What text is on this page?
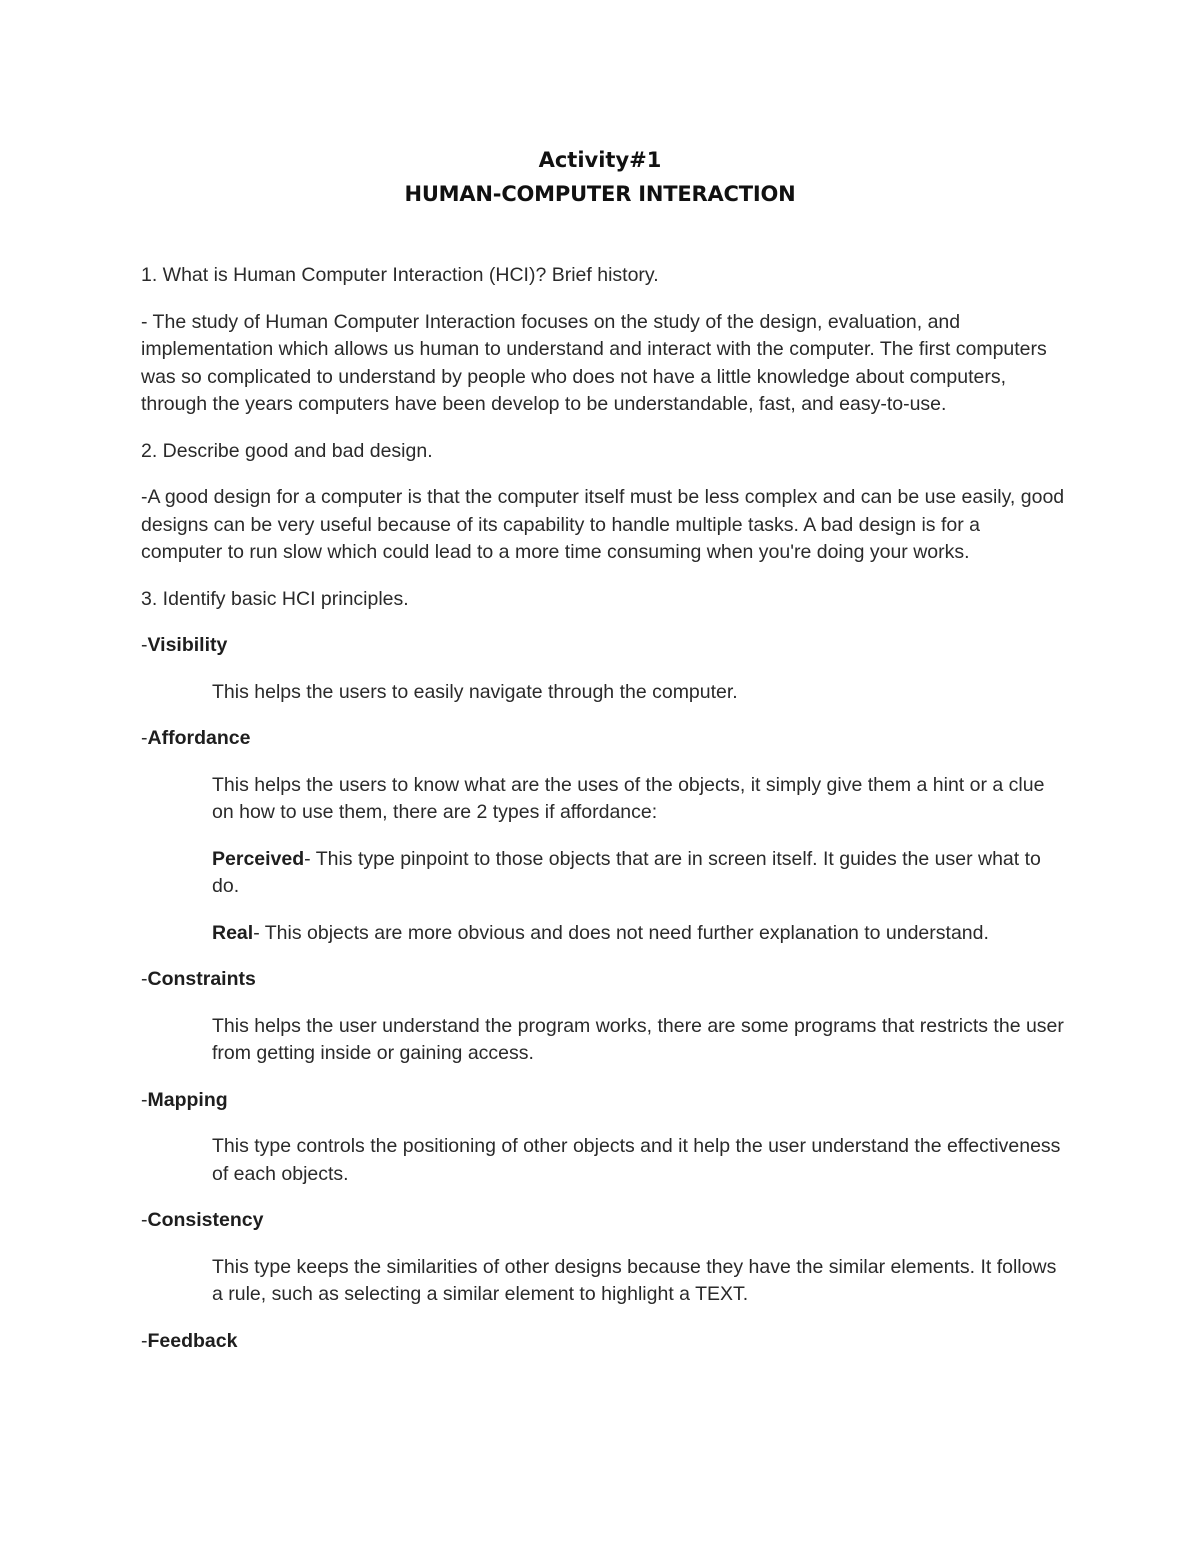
Activity#1

HUMAN-COMPUTER INTERACTION

1. What is Human Computer Interaction (HCI)? Brief history.

- The study of Human Computer Interaction focuses on the study of the design, evaluation, and implementation which allows us human to understand and interact with the computer. The first computers was so complicated to understand by people who does not have a little knowledge about computers, through the years computers have been develop to be understandable, fast, and easy-to-use.

2. Describe good and bad design.

-A good design for a computer is that the computer itself must be less complex and can be use easily, good designs can be very useful because of its capability to handle multiple tasks. A bad design is for a computer to run slow which could lead to a more time consuming when you're doing your works.

3. Identify basic HCI principles.

-Visibility

This helps the users to easily navigate through the computer.

-Affordance

This helps the users to know what are the uses of the objects, it simply give them a hint or a clue on how to use them, there are 2 types if affordance:

Perceived- This type pinpoint to those objects that are in screen itself. It guides the user what to do.

Real- This objects are more obvious and does not need further explanation to understand.

-Constraints

This helps the user understand the program works, there are some programs that restricts the user from getting inside or gaining access.

-Mapping

This type controls the positioning of other objects and it help the user understand the effectiveness of each objects.

-Consistency

This type keeps the similarities of other designs because they have the similar elements. It follows a rule, such as selecting a similar element to highlight a TEXT.

-Feedback
